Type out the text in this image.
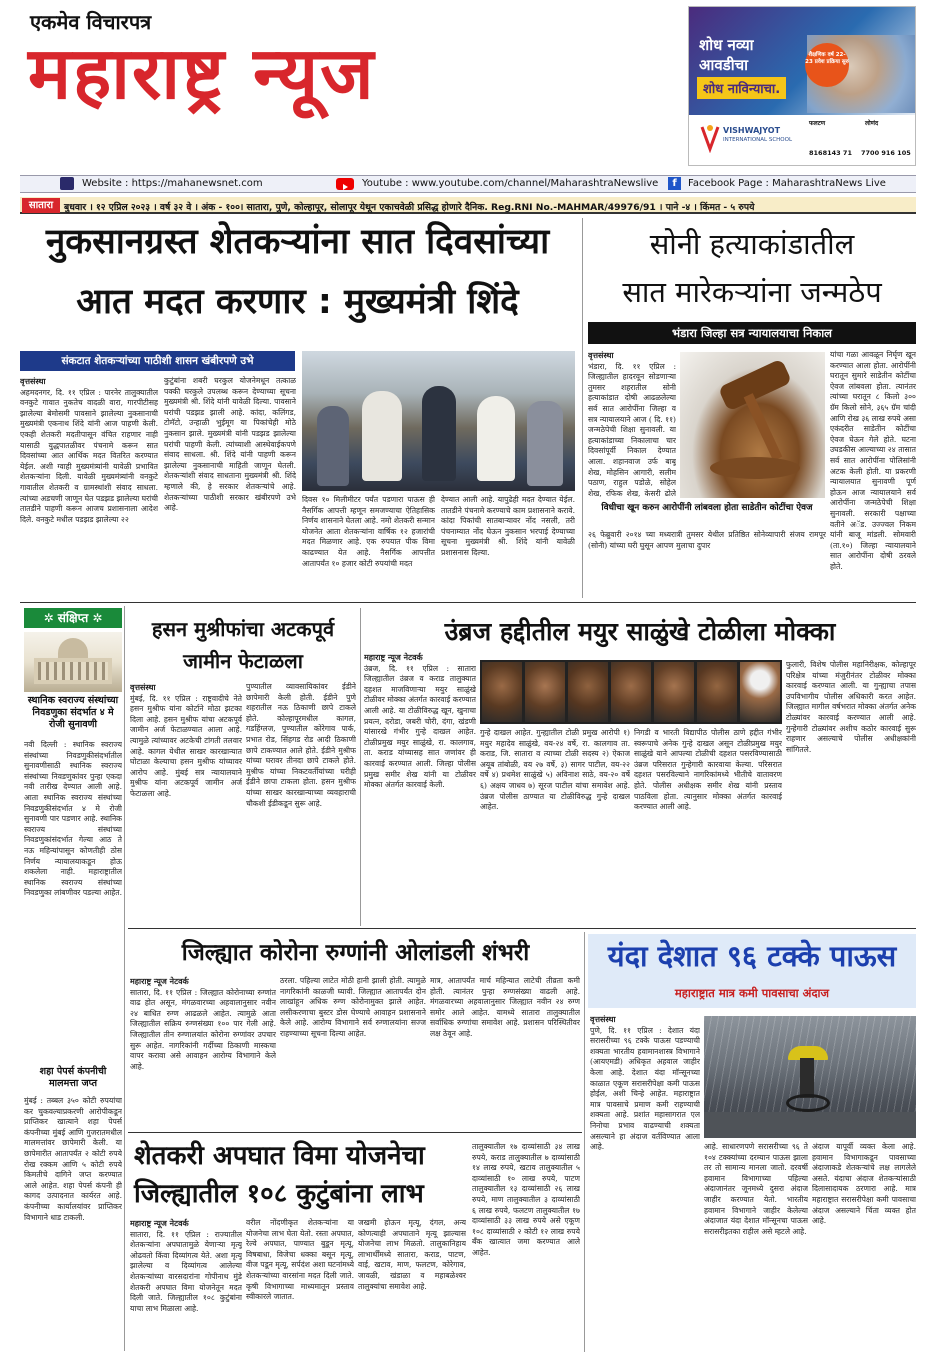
एकमेव विचारपत्र
महाराष्ट्र न्यूज	शोध नव्या
आवडीचा
शोध नाविन्याचा.
शैक्षणिक वर्ष 22-23 प्रवेश प्रक्रिया सुरु
VISHWAJYOT
INTERNATIONAL SCHOOL
फलटण
8168143 71
लोणंद
7700 916 105
Website : https://mahanewsnet.com	Youtube : www.youtube.com/channel/MaharashtraNewslive	f	Facebook Page : MaharashtraNews Live
सातारा	बुधवार । १२ एप्रिल २०२३ । वर्ष ३२ वे । अंक - १००। सातारा, पुणे, कोल्हापूर, सोलापूर येथून एकाचवेळी प्रसिद्ध होणारे दैनिक. Reg.RNI No.-MAHMAR/49976/91 । पाने -४ । किंमत - ५ रुपये
नुकसानग्रस्त शेतकऱ्यांना सात दिवसांच्या
आत मदत करणार : मुख्यमंत्री शिंदे
संकटात शेतकऱ्यांच्या पाठीशी शासन खंबीरपणे उभे
वृत्तसंस्था

अहमदनगर, दि. ११ एप्रिल : पारनेर तालुक्यातील वनकुटे गावात नुकतेच वादळी वारा, गारपीटीसह झालेल्या बेमोसमी पावसाने झालेल्या नुकसानाची मुख्यमंत्री एकनाथ शिंदे यांनी आज पाहणी केली. एकही शेतकरी मदतीपासून वंचित राहणार नाही यासाठी युद्धपातळीवर पंचनामे करून सात दिवसांच्या आत आर्थिक मदत वितरित करण्यात येईल. अशी ग्वाही मुख्यमंत्र्यांनी यावेळी प्रभावित शेतकऱ्यांना दिली. यावेळी मुख्यमंत्र्यांनी वनकुटे गावातील शेतकरी व ग्रामस्थांशी संवाद साधला. त्यांच्या अडचणी जाणून घेत पडझड झालेल्या घरांची तातडीने पाहणी करून आजच प्रशासनाला आदेश दिले. वनकुटे मधील पडझड झालेल्या २२

कुटुंबांना शबरी घरकुल योजनेमधून तत्काळ पक्की घरकुले उपलब्ध करून देण्याच्या सूचना मुख्यमंत्री श्री. शिंदे यांनी यावेळी दिल्या. पावसाने घरांची पडझड झाली आहे. कांदा, कलिंगड, टोमॅटो, उन्हाळी भुईमूग या पिकांचेही मोठे नुकसान झाले. मुख्यमंत्री यांनी पडझड झालेल्या घरांची पाहणी केली. त्यांच्याशी आस्थेवाईकपणे संवाद साधला. श्री. शिंदे यांनी पाहणी करून झालेल्या नुकसानाची माहिती जाणून घेतली. शेतकऱ्यांशी संवाद साधताना मुख्यमंत्री श्री. शिंदे म्हणाले की, हे सरकार शेतकऱ्यांचे आहे. शेतकऱ्यांच्या पाठीशी सरकार खंबीरपणे उभे आहे.

दिवस १० मिलीमीटर पर्यंत पडणारा पाऊस ही नैसर्गिक आपत्ती म्हणून समजण्याचा ऐतिहासिक निर्णय शासनाने घेतला आहे. नमो शेतकरी सन्मान योजनेत आता शेतकऱ्यांना वार्षिक १२ हजारांची मदत मिळणार आहे. एक रुपयात पीक विमा काढण्यात येत आहे. नैसर्गिक आपत्तीत आतापर्यंत १० हजार कोटी रुपयांची मदत

देण्यात आली आहे. यापुढेही मदत देण्यात येईल. तातडीने पंचनामे करण्याचे काम प्रशासनाने करावे. कांदा पिकांची सातबाऱ्यावर नोंद नसली, तरी पंचनाम्यात नोंद घेऊन नुकसान भरपाई देण्याच्या सूचना मुख्यमंत्री श्री. शिंदे यांनी यावेळी प्रशासनास दिल्या.

सोनी हत्याकांडातील
सात मारेकऱ्यांना जन्मठेप
भंडारा जिल्हा सत्र न्यायालयाचा निकाल
वृत्तसंस्था

भंडारा, दि. ११ एप्रिल : जिल्ह्यातील हादरवून सोडणाऱ्या तुमसर शहरातील सोनी हत्याकांडात दोषी आढळलेल्या सर्व सात आरोपींना जिल्हा व सत्र न्यायालयाने आज ( दि. ११) जन्मठेपेची शिक्षा सुनावली. या हत्याकांडाच्या निकालाचा चार दिवसांपूर्वी निकाल देण्यात आला. शहानवाज उर्फ बाबू शेख, मोहसिन आगारी, सलीम पठाण, राहुल पडोळे, सोहेल शेख, रफिक शेख, केसरी ढोले

विधीचा खून करुन आरोपींनी लांबवला होता साडेतीन कोटींचा ऐवज

२६ फेब्रुवारी २०१४ च्या मध्यरात्री तुमसर येथील प्रतिष्ठित सोनेव्यापारी संजय रामपूर (सोनी) यांच्या घरी घुसून आपण मुलाचा दुपार

यांचा गळा आवळून निर्घृण खून करण्यात आला होता. आरोपींनी घरातून सुमारे साडेतीन कोटींचा ऐवज लांबवला होता. त्यानंतर त्यांच्या घरातून ८ किलो ३०० ग्रॅम किलो सोने, ३६५ ग्रॅम चांदी आणि रोख ३६ लाख रुपये असा एकंदरीत साडेतीन कोटींचा ऐवज घेऊन गेले होते. घटना उघडकीस आल्याच्या २४ तासात सर्व सात आरोपींना पोलिसांनी अटक केली होती. या प्रकरणी न्यायालयात सुनावणी पूर्ण होऊन आज न्यायालयाने सर्व आरोपींना जन्मठेपेची शिक्षा सुनावली. सरकारी पक्षाच्या वतीने अॅड. उज्ज्वल निकम यांनी बाजू मांडली. सोमवारी (ता.१०) जिल्हा न्यायालयाने सात आरोपींना दोषी ठरवले होते.

✲ संक्षिप्त ✲
स्थानिक स्वराज्य संस्थांच्या निवडणुका संदर्भात ४ मे रोजी सुनावणी

नवी दिल्ली : स्थानिक स्वराज्य संस्थांच्या निवडणुकीसंदर्भातील सुनावणीसाठी स्थानिक स्वराज्य संस्थांच्या निवडणुकांवर पुन्हा एकदा नवी तारीख देण्यात आली आहे. आता स्थानिक स्वराज्य संस्थांच्या निवडणुकीसंदर्भात ४ मे रोजी सुनावणी पार पडणार आहे. स्थानिक स्वराज्य संस्थांच्या निवडणुकांसंदर्भात गेल्या आठ ते नऊ महिन्यांपासून कोणतीही ठोस निर्णय न्यायालयाकडून होऊ शकलेला नाही. महाराष्ट्रातील स्थानिक स्वराज्य संस्थांच्या निवडणुका लांबणीवर पडल्या आहेत.

शहा पेपर्स कंपनीची मालमत्ता जप्त

मुंबई : तब्बल ३५० कोटी रुपयांचा कर चुकवल्याप्रकरणी आरोपीकडून प्राप्तिकर खात्याने शहा पेपर्स कंपनीच्या मुंबई आणि गुजरातमधील मालमत्तांवर छापेमारी केली. या छापेमारीत आतापर्यंत २ कोटी रुपये रोख रक्कम आणि ५ कोटी रुपये किमतीचे दागिने जप्त करण्यात आले आहेत. शहा पेपर्स कंपनी ही कागद उत्पादनात कार्यरत आहे. कंपनीच्या कार्यालयांवर प्राप्तिकर विभागाने धाड टाकली.

हसन मुश्रीफांचा अटकपूर्व
जामीन फेटाळला
वृत्तसंस्था

मुंबई, दि. ११ एप्रिल : राष्ट्रवादीचे नेते हसन मुश्रीफ यांना कोर्टाने मोठा झटका दिला आहे. हसन मुश्रीफ यांचा अटकपूर्व जामीन अर्ज फेटाळण्यात आला आहे. त्यामुळे त्यांच्यावर अटकेची टांगती तलवार आहे. कागल येथील साखर कारखान्यात घोटाळा केल्याचा हसन मुश्रीफ यांच्यावर आरोप आहे. मुंबई सत्र न्यायालयाने मुश्रीफ यांना अटकपूर्व जामीन अर्ज फेटाळला आहे.

पुण्यातील व्यावसायिकांवर ईडीने छापेमारी केली होती. ईडीने पुणे शहरातील नऊ ठिकाणी छापे टाकले होते. कोल्हापूरमधील कागल, गडहिंग्लज, पुण्यातील कोरेगाव पार्क, प्रभात रोड, सिंहगड रोड आदी ठिकाणी छापे टाकण्यात आले होते. ईडीने मुश्रीफ यांच्या घरावर तीनदा छापे टाकले होते. मुश्रीफ यांच्या निकटवर्तीयांच्या घरीही ईडीने छापा टाकला होता. हसन मुश्रीफ यांच्या साखर कारखान्याच्या व्यवहाराची चौकशी ईडीकडून सुरू आहे.

उंब्रज हद्दीतील मयुर साळुंखे टोळीला मोक्का
महाराष्ट्र न्यूज नेटवर्क

उंब्रज, दि. ११ एप्रिल : सातारा जिल्ह्यातील उंब्रज व कराड तालुक्यात दहशत माजविणाऱ्या मयुर साळुंखे टोळीवर मोक्का अंतर्गत कारवाई करण्यात आली आहे. या टोळीविरुद्ध खून, खुनाचा प्रयत्न, दरोडा, जबरी चोरी, दंगा, खंडणी यांसारखे गंभीर गुन्हे दाखल आहेत. टोळीप्रमुख मयुर साळुंखे, रा. कालगाव, ता. कराड यांच्यासह सात जणांवर ही कारवाई करण्यात आली. जिल्हा पोलीस प्रमुख समीर शेख यांनी या टोळीवर मोक्का अंतर्गत कारवाई केली.

गुन्हे दाखल आहेत. गुन्ह्यातील टोळी प्रमुख आरोपी १) मयुर महादेव साळुंखे, वय-२४ वर्षे, रा. कालगाव ता. कराड, जि. सातारा व त्याच्या टोळी सदस्य २) ऐकाज अयूब तांबोळी, वय २७ वर्षे, ३) सागर पाटील, वय-२२ वर्षे ४) प्रथमेश साळुंखे ५) अविनाश साठे, वय-२० वर्षे ६) अक्षय जाधव ७) सूरज पाटील यांचा समावेश आहे. उंब्रज पोलीस ठाण्यात या टोळीविरुद्ध गुन्हे दाखल आहेत.

निगडी व भारती विद्यापीठ पोलीस ठाणे हद्दीत गंभीर स्वरूपाचे अनेक गुन्हे दाखल असून टोळीप्रमुख मयुर साळुंखे याने आपल्या टोळीची दहशत पसरविण्यासाठी उंब्रज परिसरात गुन्हेगारी कारवाया केल्या. परिसरात दहशत पसरविल्याने नागरिकांमध्ये भीतीचे वातावरण होते. पोलीस अधीक्षक समीर शेख यांनी प्रस्ताव पाठविला होता. त्यानुसार मोक्का अंतर्गत कारवाई करण्यात आली आहे.

फुलारी, विशेष पोलीस महानिरीक्षक, कोल्हापूर परिक्षेत्र यांच्या मंजुरीनंतर टोळीवर मोक्का कारवाई करण्यात आली. या गुन्ह्याचा तपास उपविभागीय पोलीस अधिकारी करत आहेत. जिल्ह्यात मागील वर्षभरात मोक्का अंतर्गत अनेक टोळ्यांवर कारवाई करण्यात आली आहे. गुन्हेगारी टोळ्यांवर अशीच कठोर कारवाई सुरू राहणार असल्याचे पोलीस अधीक्षकांनी सांगितले.

जिल्ह्यात कोरोना रुग्णांनी ओलांडली शंभरी
महाराष्ट्र न्यूज नेटवर्क

सातारा, दि. ११ एप्रिल : जिल्ह्यात कोरोनाच्या रुग्णांत वाढ होत असून, मंगळवारच्या अहवालानुसार नवीन २४ बाधित रुग्ण आढळले आहेत. त्यामुळे आता जिल्ह्यातील सक्रिय रुग्णसंख्या १०० पार गेली आहे. जिल्ह्यातील तीन रुग्णालयांत कोरोना रुग्णांवर उपचार सुरू आहेत. नागरिकांनी गर्दीच्या ठिकाणी मास्कचा वापर करावा असे आवाहन आरोग्य विभागाने केले आहे.

ठरला. पहिल्या लाटेत मोठी हानी झाली होती. त्यामुळे नागरिकांनी काळजी घ्यावी. जिल्ह्यात आतापर्यंत दोन लाखांहून अधिक रुग्ण कोरोनामुक्त झाले आहेत. लसीकरणाचा बुस्टर डोस घेण्याचे आवाहन प्रशासनाने केले आहे. आरोग्य विभागाने सर्व रुग्णालयांना सज्ज राहण्याच्या सूचना दिल्या आहेत.

मात्र, आतापर्यंत मार्च महिन्यात लाटेची तीव्रता कमी होती. त्यानंतर पुन्हा रुग्णसंख्या वाढली आहे. मंगळवारच्या अहवालानुसार जिल्ह्यात नवीन २४ रुग्ण समोर आले आहेत. यामध्ये सातारा तालुक्यातील सर्वाधिक रुग्णांचा समावेश आहे. प्रशासन परिस्थितीवर लक्ष ठेवून आहे.

यंदा देशात ९६ टक्के पाऊस
महाराष्ट्रात मात्र कमी पावसाचा अंदाज
वृत्तसंस्था

पुणे, दि. ११ एप्रिल : देशात यंदा सरासरीच्या ९६ टक्के पाऊस पडण्याची शक्यता भारतीय हवामानशास्त्र विभागाने (आयएमडी) अधिकृत अहवाल जाहीर केला आहे. देशात यंदा मॉन्सूनच्या काळात एकूण सरासरीपेक्षा कमी पाऊस होईल, अशी चिन्हे आहेत. महाराष्ट्रात मात्र पावसाचे प्रमाण कमी राहण्याची शक्यता आहे. प्रशांत महासागरात एल निनोचा प्रभाव वाढण्याची शक्यता असल्याने हा अंदाज वर्तविण्यात आला आहे.	आहे. साधारणपणे सरासरीच्या ९६ ते १०४ टक्क्यांच्या दरम्यान पाऊस झाला तर तो सामान्य मानला जातो. दरवर्षी हवामान विभागाच्या पहिल्या अंदाजानंतर जूनमध्ये दुसरा अंदाज जाहीर करण्यात येतो. भारतीय हवामान विभागाने जाहीर केलेल्या अंदाजात यंदा देशात मॉन्सूनचा पाऊस सरासरीइतका राहील असे म्हटले आहे.

अंदाज यापूर्वी व्यक्त केला आहे. हवामान विभागाकडून पावसाच्या अंदाजाकडे शेतकऱ्यांचे लक्ष लागलेले असते. यंदाचा अंदाज शेतकऱ्यांसाठी दिलासादायक ठरणारा आहे. मात्र महाराष्ट्रात सरासरीपेक्षा कमी पावसाचा अंदाज असल्याने चिंता व्यक्त होत आहे.

शेतकरी अपघात विमा योजनेचा
जिल्ह्यातील १०८ कुटुंबांना लाभ
महाराष्ट्र न्यूज नेटवर्क

सातारा, दि. ११ एप्रिल : राज्यातील शेतकऱ्यांना अपघातामुळे येणाऱ्या मृत्यू ओढवतो किंवा दिव्यांगत्व येते. अशा मृत्यू झालेल्या व दिव्यांगत्व आलेल्या शेतकऱ्यांच्या वारसदारांना गोपीनाथ मुंडे शेतकरी अपघात विमा योजनेतून मदत दिली जाते. जिल्ह्यातील १०८ कुटुंबांना याचा लाभ मिळाला आहे.

वरील नोंदणीकृत शेतकऱ्यांना या योजनेचा लाभ घेता येतो. रस्ता अपघात, रेल्वे अपघात, पाण्यात बुडून मृत्यू, विषबाधा, विजेचा धक्का बसून मृत्यू, वीज पडून मृत्यू, सर्पदंश अशा घटनांमध्ये शेतकऱ्यांच्या वारसांना मदत दिली जाते. कृषी विभागाच्या माध्यमातून प्रस्ताव स्वीकारले जातात.

जखमी होऊन मृत्यू, दंगल, अन्य कोणत्याही अपघाताने मृत्यू झाल्यास योजनेचा लाभ मिळतो. तालुकानिहाय लाभार्थींमध्ये सातारा, कराड, पाटण, वाई, खटाव, माण, फलटण, कोरेगाव, जावळी, खंडाळा व महाबळेश्वर तालुक्यांचा समावेश आहे.

तालुक्यातील १७ दाव्यांसाठी ३४ लाख रुपये, कराड तालुक्यातील ७ दाव्यांसाठी १४ लाख रुपये, खटाव तालुक्यातील ५ दाव्यांसाठी १० लाख रुपये, पाटण तालुक्यातील १३ दाव्यांसाठी २६ लाख रुपये, माण तालुक्यातील ३ दाव्यांसाठी ६ लाख रुपये, फलटण तालुक्यातील १७ दाव्यांसाठी ३३ लाख रुपये असे एकूण १०८ दाव्यांसाठी २ कोटी १२ लाख रुपये बँक खात्यात जमा करण्यात आले आहेत.
